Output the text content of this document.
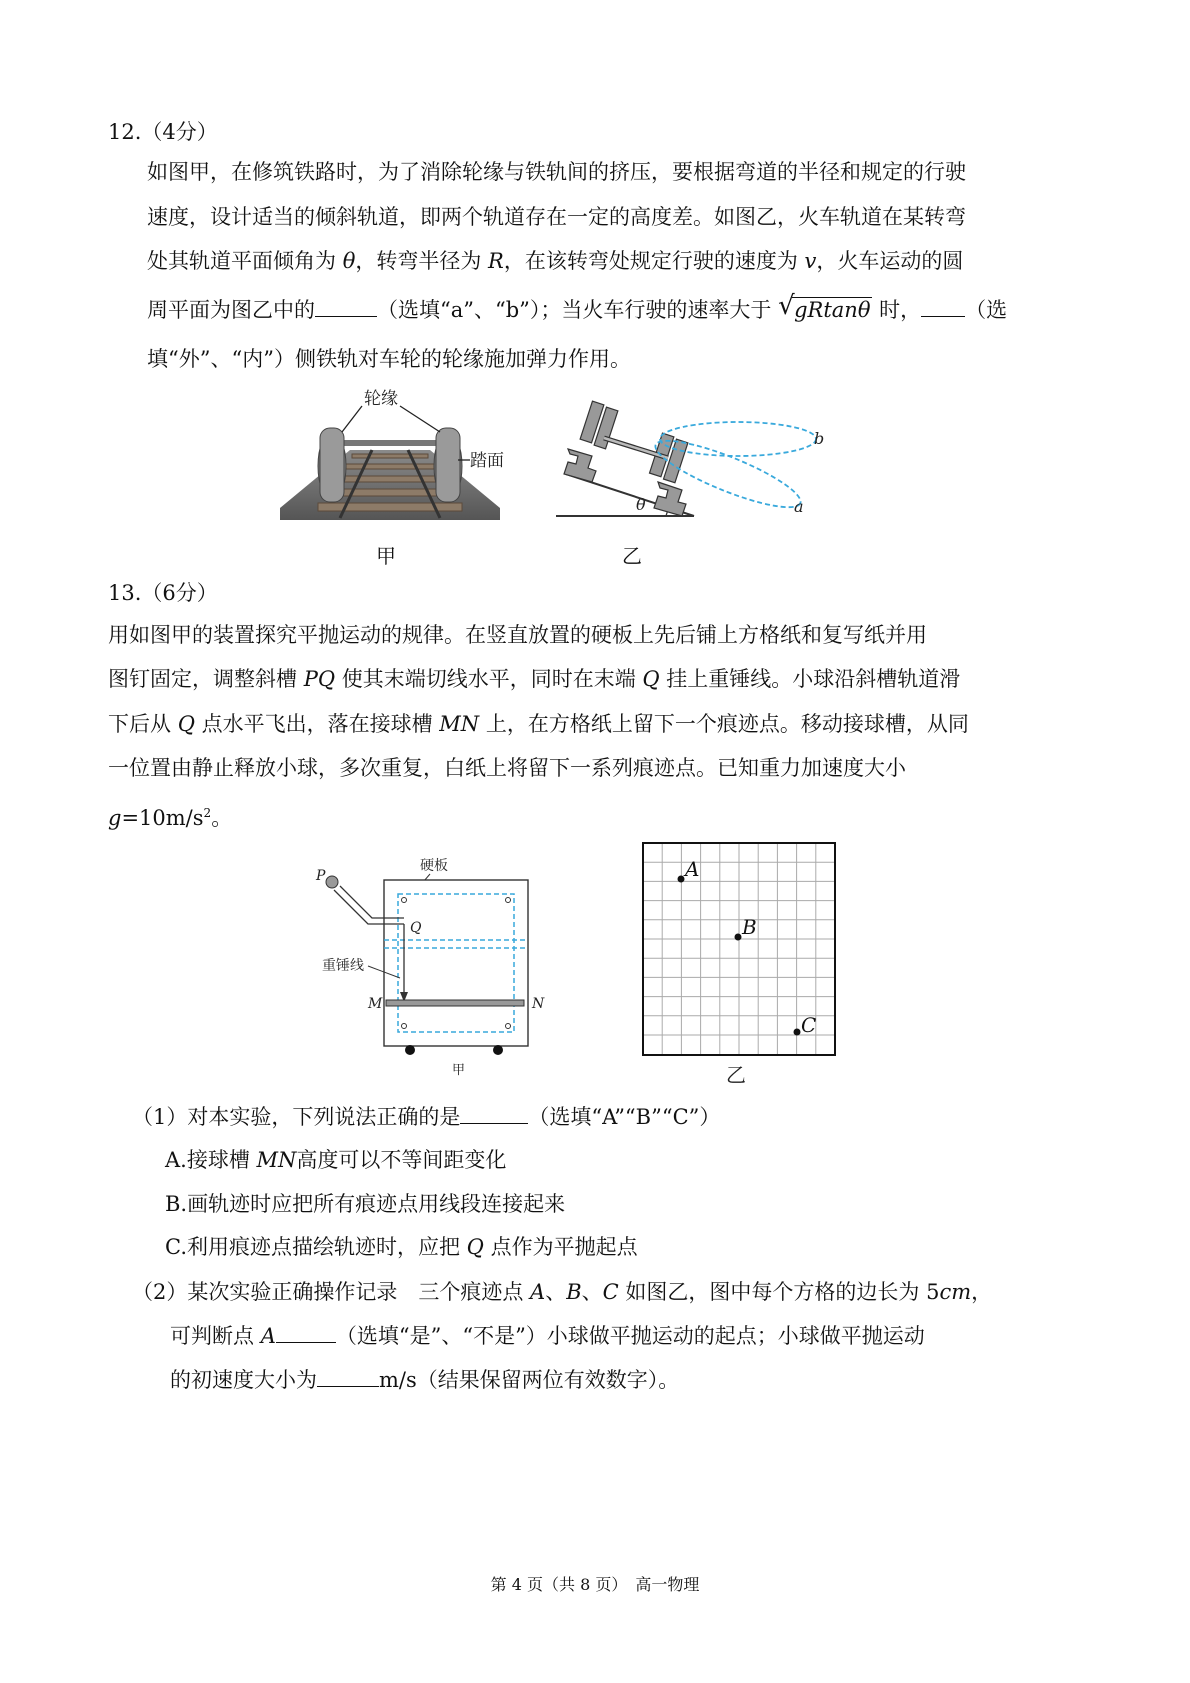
12.（4分）
如图甲，在修筑铁路时，为了消除轮缘与铁轨间的挤压，要根据弯道的半径和规定的行驶
速度，设计适当的倾斜轨道，即两个轨道存在一定的高度差。如图乙，火车轨道在某转弯
处其轨道平面倾角为 θ，转弯半径为 R，在该转弯处规定行驶的速度为 v，火车运动的圆
周平面为图乙中的	（选填“a”、“b”）；当火车行驶的速率大于 √ gRtanθ 时， （选
填“外”、“内”）侧铁轨对车轮的轮缘施加弹力作用。
轮缘
踏面
甲
θ
b
a
乙
13.（6分）
用如图甲的装置探究平抛运动的规律。在竖直放置的硬板上先后铺上方格纸和复写纸并用
图钉固定，调整斜槽 PQ 使其末端切线水平，同时在末端 Q 挂上重锤线。小球沿斜槽轨道滑
下后从 Q 点水平飞出，落在接球槽 MN 上，在方格纸上留下一个痕迹点。移动接球槽，从同
一位置由静止释放小球，多次重复，白纸上将留下一系列痕迹点。已知重力加速度大小
$g=10m/s^2$。
硬板
P
Q
重锤线
M	N
甲
A
B
C
乙
（1）对本实验，下列说法正确的是	（选填“A”“B”“C”）
A.接球槽 MN高度可以不等间距变化
B.画轨迹时应把所有痕迹点用线段连接起来
C.利用痕迹点描绘轨迹时，应把 Q 点作为平抛起点
（2）某次实验正确操作记录　三个痕迹点 A、B、C 如图乙，图中每个方格的边长为 5cm，
可判断点 A	（选填“是”、“不是”）小球做平抛运动的起点；小球做平抛运动
的初速度大小为	m/s（结果保留两位有效数字）。
第 4 页（共 8 页）　高一物理
